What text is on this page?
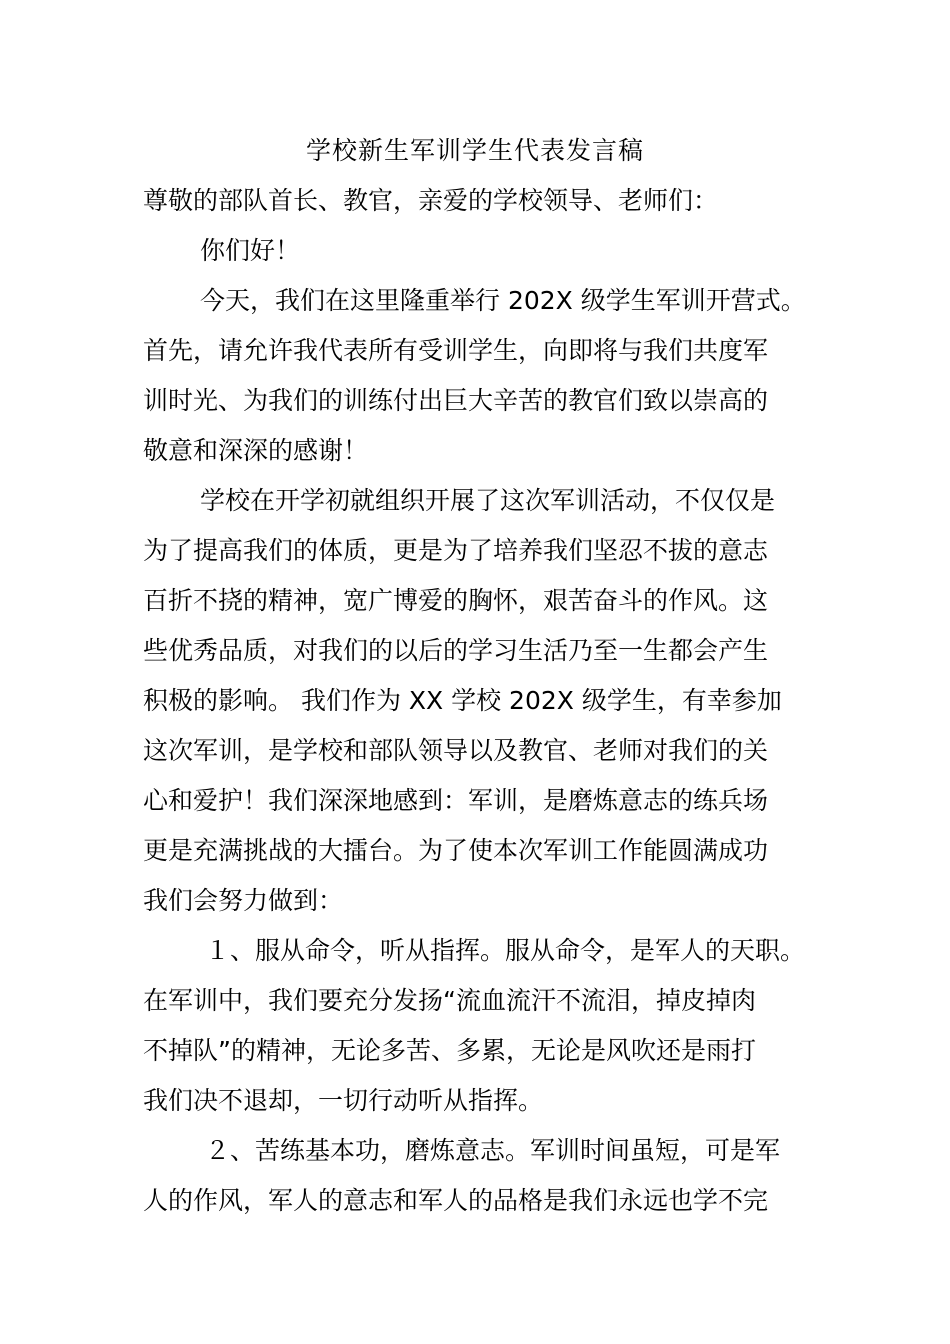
学校新生军训学生代表发言稿
尊敬的部队首长、教官，亲爱的学校领导、老师们：
你们好！
今天，我们在这里隆重举行 202X 级学生军训开营式。
首先，请允许我代表所有受训学生，向即将与我们共度军
训时光、为我们的训练付出巨大辛苦的教官们致以崇高的
敬意和深深的感谢！
学校在开学初就组织开展了这次军训活动，不仅仅是
为了提高我们的体质，更是为了培养我们坚忍不拔的意志
百折不挠的精神，宽广博爱的胸怀，艰苦奋斗的作风。这
些优秀品质，对我们的以后的学习生活乃至一生都会产生
积极的影响。 我们作为 XX 学校 202X 级学生，有幸参加
这次军训，是学校和部队领导以及教官、老师对我们的关
心和爱护！我们深深地感到：军训，是磨炼意志的练兵场
更是充满挑战的大擂台。为了使本次军训工作能圆满成功
我们会努力做到：
１、服从命令，听从指挥。服从命令，是军人的天职。
在军训中，我们要充分发扬“流血流汗不流泪，掉皮掉肉
不掉队”的精神，无论多苦、多累，无论是风吹还是雨打
我们决不退却，一切行动听从指挥。
２、苦练基本功，磨炼意志。军训时间虽短，可是军
人的作风，军人的意志和军人的品格是我们永远也学不完
